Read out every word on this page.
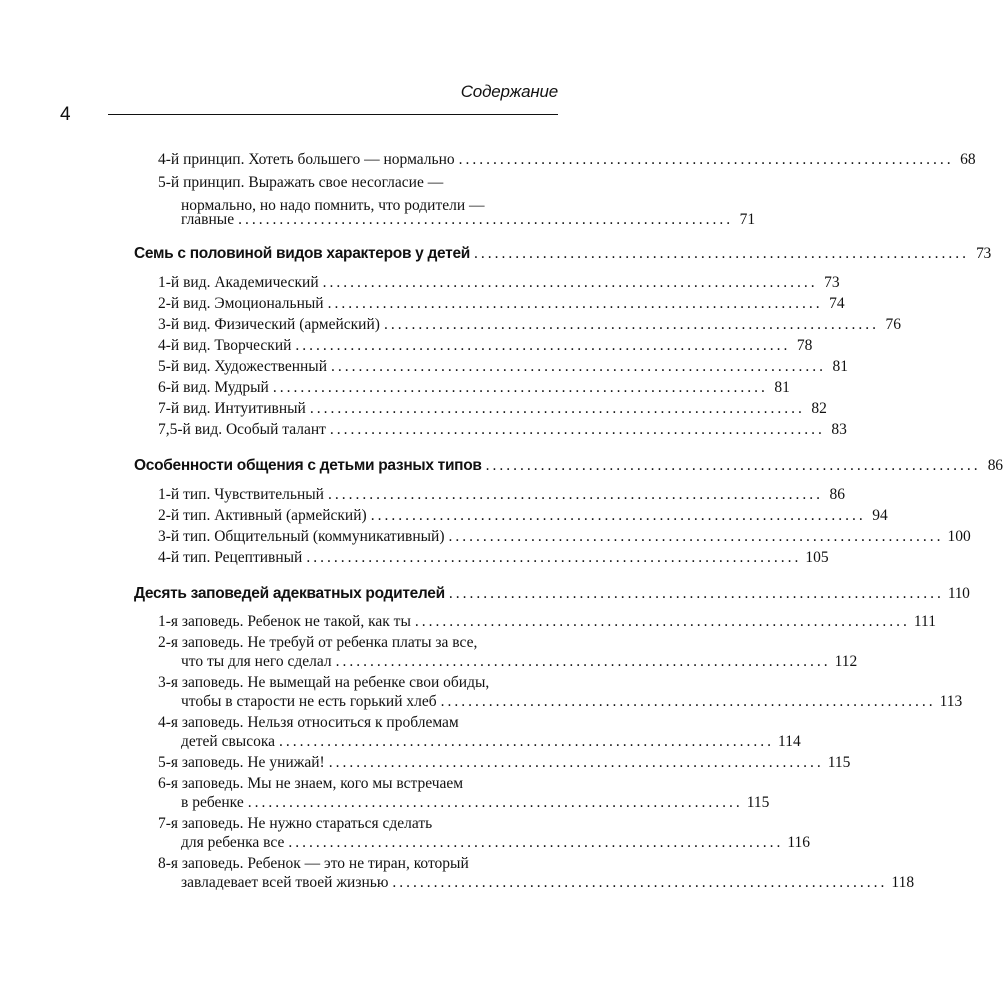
Содержание
4
4-й принцип. Хотеть большего — нормально ........................................................................ 68
5-й принцип. Выражать свое несогласие —
нормально, но надо помнить, что родители —
главные ........................................................................ 71
Семь с половиной видов характеров у детей ........................................................................ 73
1-й вид. Академический ........................................................................ 73
2-й вид. Эмоциональный ........................................................................ 74
3-й вид. Физический (армейский) ........................................................................ 76
4-й вид. Творческий ........................................................................ 78
5-й вид. Художественный ........................................................................ 81
6-й вид. Мудрый ........................................................................ 81
7-й вид. Интуитивный ........................................................................ 82
7,5-й вид. Особый талант ........................................................................ 83
Особенности общения с детьми разных типов ........................................................................ 86
1-й тип. Чувствительный ........................................................................ 86
2-й тип. Активный (армейский) ........................................................................ 94
3-й тип. Общительный (коммуникативный) ........................................................................ 100
4-й тип. Рецептивный ........................................................................ 105
Десять заповедей адекватных родителей ........................................................................ 110
1-я заповедь. Ребенок не такой, как ты ........................................................................ 111
2-я заповедь. Не требуй от ребенка платы за все,
что ты для него сделал ........................................................................ 112
3-я заповедь. Не вымещай на ребенке свои обиды,
чтобы в старости не есть горький хлеб ........................................................................ 113
4-я заповедь. Нельзя относиться к проблемам
детей свысока ........................................................................ 114
5-я заповедь. Не унижай! ........................................................................ 115
6-я заповедь. Мы не знаем, кого мы встречаем
в ребенке ........................................................................ 115
7-я заповедь. Не нужно стараться сделать
для ребенка все ........................................................................ 116
8-я заповедь. Ребенок — это не тиран, который
завладевает всей твоей жизнью ........................................................................ 118
